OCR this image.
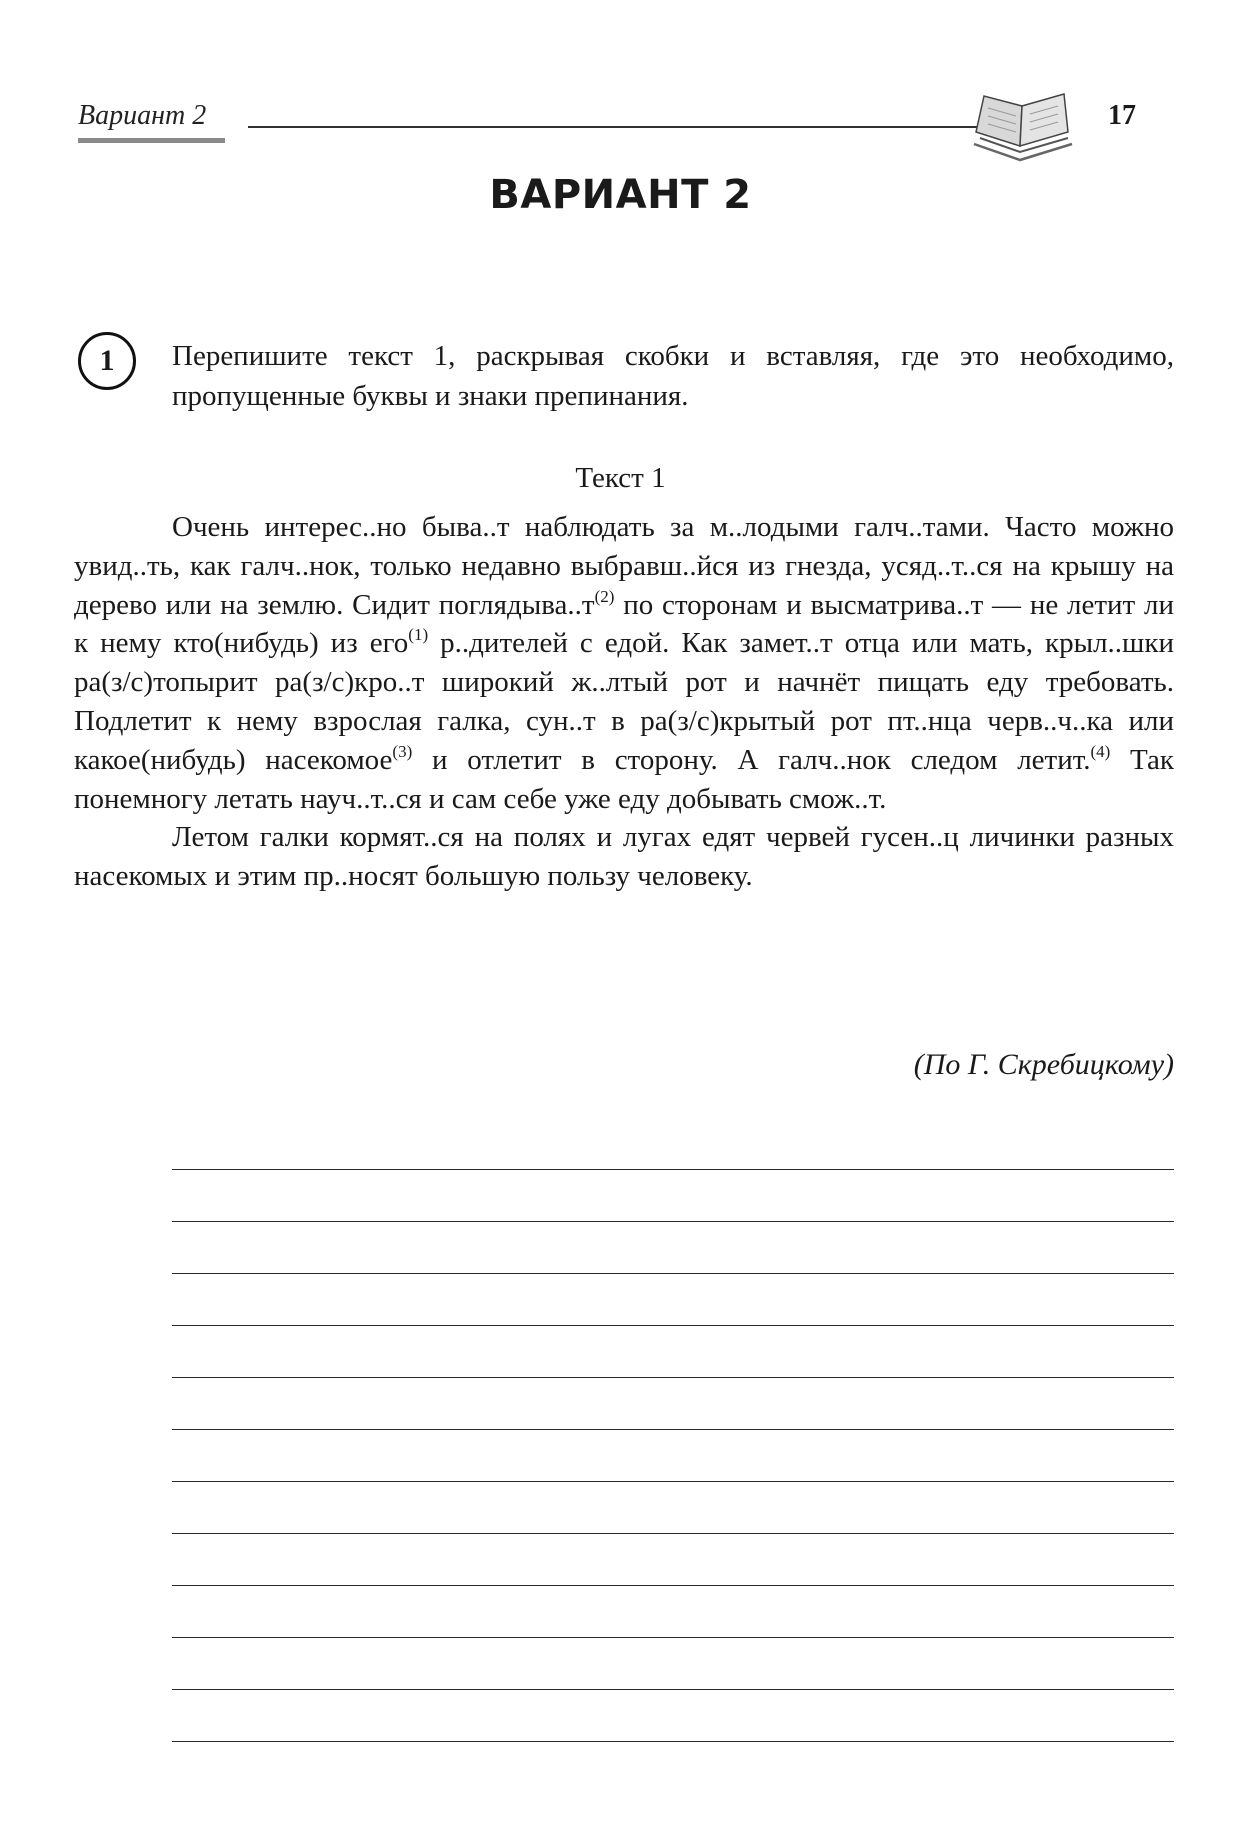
Вариант 2	17
ВАРИАНТ 2
1	Перепишите текст 1, раскрывая скобки и вставляя, где это необходимо, пропущенные буквы и знаки препинания.
Текст 1

Очень интерес..но быва..т наблюдать за м..лодыми галч..тами. Часто можно увид..ть, как галч..нок, только недавно выбравш..йся из гнезда, усяд..т..ся на крышу на дерево или на землю. Сидит $поглядыва..т^{(2)}$ по сторонам и высматрива..т — не летит ли к нему кто(нибудь) из его$^{(1)}$ р..дителей с едой. Как замет..т отца или мать, крыл..шки ра(з/с)топырит ра(з/с)кро..т широкий ж..лтый рот и начнёт пищать еду требовать. Подлетит к нему взрослая галка, сун..т в ра(з/с)крытый рот пт..нца черв..ч..ка или какое(нибудь) насекомое$^{(3)}$ и отлетит в сторону. А галч..нок следом летит.$^{(4)}$ Так понемногу летать науч..т..ся и сам себе уже еду добывать смож..т.

Летом галки кормят..ся на полях и лугах едят червей гусен..ц личинки разных насекомых и этим пр..носят большую пользу человеку.

(По Г. Скребицкому)
